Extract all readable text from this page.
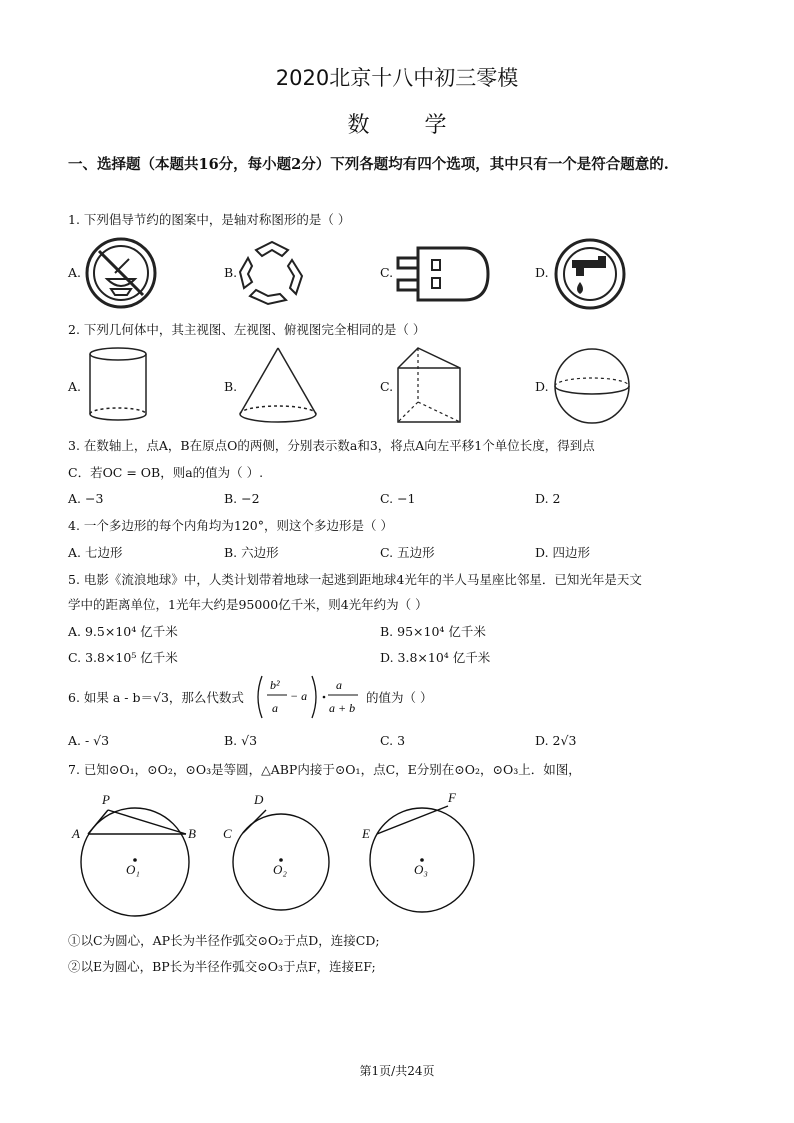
2020北京十八中初三零模
数 学
一、选择题（本题共16分，每小题2分）下列各题均有四个选项，其中只有一个是符合题意的.
1. 下列倡导节约的图案中，是轴对称图形的是（ ）
A.	B.	C.	D.
2. 下列几何体中，其主视图、左视图、俯视图完全相同的是（ ）
A.	B.	C.	D.
3. 在数轴上，点A，B在原点O的两侧，分别表示数a和3，将点A向左平移1个单位长度，得到点
C．若OC = OB，则a的值为（ ）.
A. −3	B. −2	C. −1	D. 2
4. 一个多边形的每个内角均为120°，则这个多边形是（ ）
A. 七边形	B. 六边形	C. 五边形	D. 四边形
5. 电影《流浪地球》中，人类计划带着地球一起逃到距地球4光年的半人马星座比邻星．已知光年是天文
学中的距离单位，1光年大约是95000亿千米，则4光年约为（ ）
A. 9.5×10⁴ 亿千米	B. 95×10⁴ 亿千米
C. 3.8×10⁵ 亿千米	D. 3.8×10⁴ 亿千米
6. 如果 a - b＝√3，那么代数式
b²
a
− a
a
a + b
的值为（ ）
A. - √3	B. √3	C. 3	D. 2√3
7. 已知⊙O₁，⊙O₂，⊙O₃是等圆，△ABP内接于⊙O₁，点C，E分别在⊙O₂，⊙O₃上．如图，
P
A	B
O₁
C
D
O₂
E
F
O₃
①以C为圆心，AP长为半径作弧交⊙O₂于点D，连接CD;
②以E为圆心，BP长为半径作弧交⊙O₃于点F，连接EF;
第1页/共24页
